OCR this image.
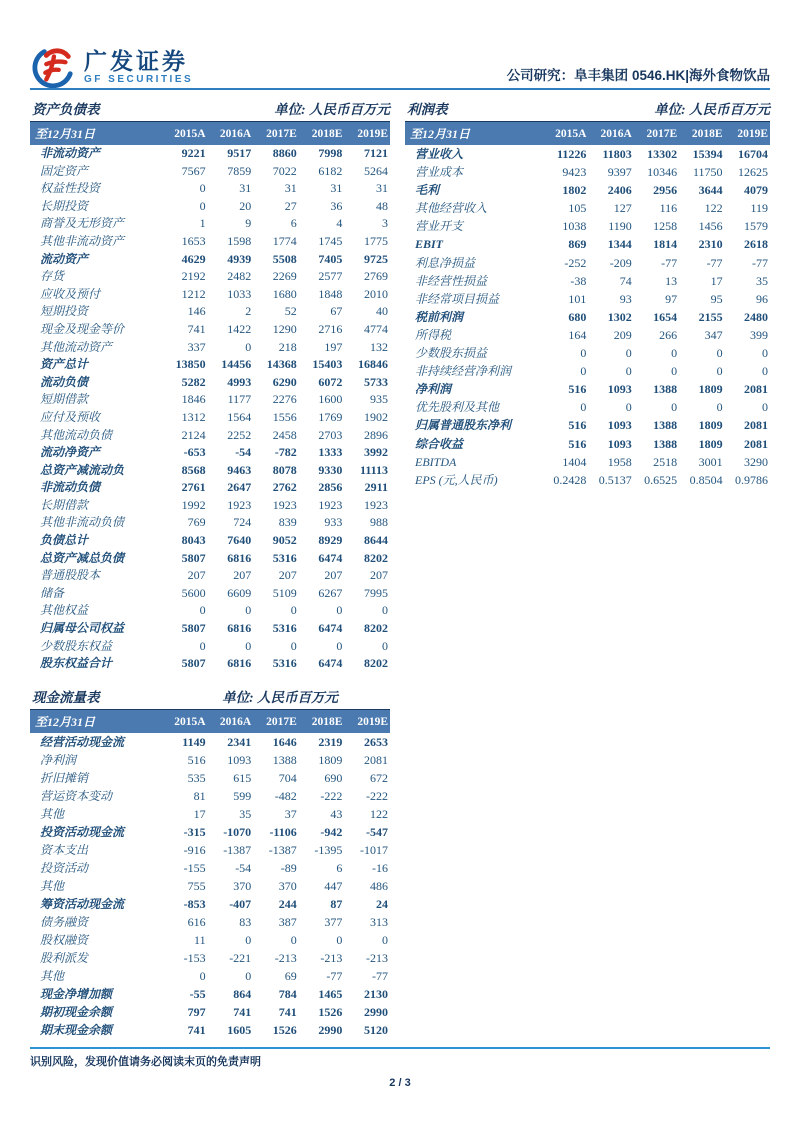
广发证券
GF SECURITIES	公司研究：阜丰集团 0546.HK|海外食物饮品
资产负债表	单位: 人民币百万元
至12月31日	2015A	2016A	2017E	2018E	2019E
非流动资产	9221	9517	8860	7998	7121
固定资产	7567	7859	7022	6182	5264
权益性投资	0	31	31	31	31
长期投资	0	20	27	36	48
商誉及无形资产	1	9	6	4	3
其他非流动资产	1653	1598	1774	1745	1775
流动资产	4629	4939	5508	7405	9725
存货	2192	2482	2269	2577	2769
应收及预付	1212	1033	1680	1848	2010
短期投资	146	2	52	67	40
现金及现金等价	741	1422	1290	2716	4774
其他流动资产	337	0	218	197	132
资产总计	13850	14456	14368	15403	16846
流动负债	5282	4993	6290	6072	5733
短期借款	1846	1177	2276	1600	935
应付及预收	1312	1564	1556	1769	1902
其他流动负债	2124	2252	2458	2703	2896
流动净资产	-653	-54	-782	1333	3992
总资产减流动负	8568	9463	8078	9330	11113
非流动负债	2761	2647	2762	2856	2911
长期借款	1992	1923	1923	1923	1923
其他非流动负债	769	724	839	933	988
负债总计	8043	7640	9052	8929	8644
总资产减总负债	5807	6816	5316	6474	8202
普通股股本	207	207	207	207	207
储备	5600	6609	5109	6267	7995
其他权益	0	0	0	0	0
归属母公司权益	5807	6816	5316	6474	8202
少数股东权益	0	0	0	0	0
股东权益合计	5807	6816	5316	6474	8202
利润表	单位: 人民币百万元
至12月31日	2015A	2016A	2017E	2018E	2019E
营业收入	11226	11803	13302	15394	16704
营业成本	9423	9397	10346	11750	12625
毛利	1802	2406	2956	3644	4079
其他经营收入	105	127	116	122	119
营业开支	1038	1190	1258	1456	1579
EBIT	869	1344	1814	2310	2618
利息净损益	-252	-209	-77	-77	-77
非经营性损益	-38	74	13	17	35
非经常项目损益	101	93	97	95	96
税前利润	680	1302	1654	2155	2480
所得税	164	209	266	347	399
少数股东损益	0	0	0	0	0
非持续经营净利润	0	0	0	0	0
净利润	516	1093	1388	1809	2081
优先股利及其他	0	0	0	0	0
归属普通股东净利	516	1093	1388	1809	2081
综合收益	516	1093	1388	1809	2081
EBITDA	1404	1958	2518	3001	3290
EPS (元,人民币)	0.2428	0.5137	0.6525	0.8504	0.9786
现金流量表	单位: 人民币百万元
至12月31日	2015A	2016A	2017E	2018E	2019E
经营活动现金流	1149	2341	1646	2319	2653
净利润	516	1093	1388	1809	2081
折旧摊销	535	615	704	690	672
营运资本变动	81	599	-482	-222	-222
其他	17	35	37	43	122
投资活动现金流	-315	-1070	-1106	-942	-547
资本支出	-916	-1387	-1387	-1395	-1017
投资活动	-155	-54	-89	6	-16
其他	755	370	370	447	486
筹资活动现金流	-853	-407	244	87	24
债务融资	616	83	387	377	313
股权融资	11	0	0	0	0
股利派发	-153	-221	-213	-213	-213
其他	0	0	69	-77	-77
现金净增加额	-55	864	784	1465	2130
期初现金余额	797	741	741	1526	2990
期末现金余额	741	1605	1526	2990	5120
识别风险，发现价值请务必阅读末页的免责声明
2 / 3
